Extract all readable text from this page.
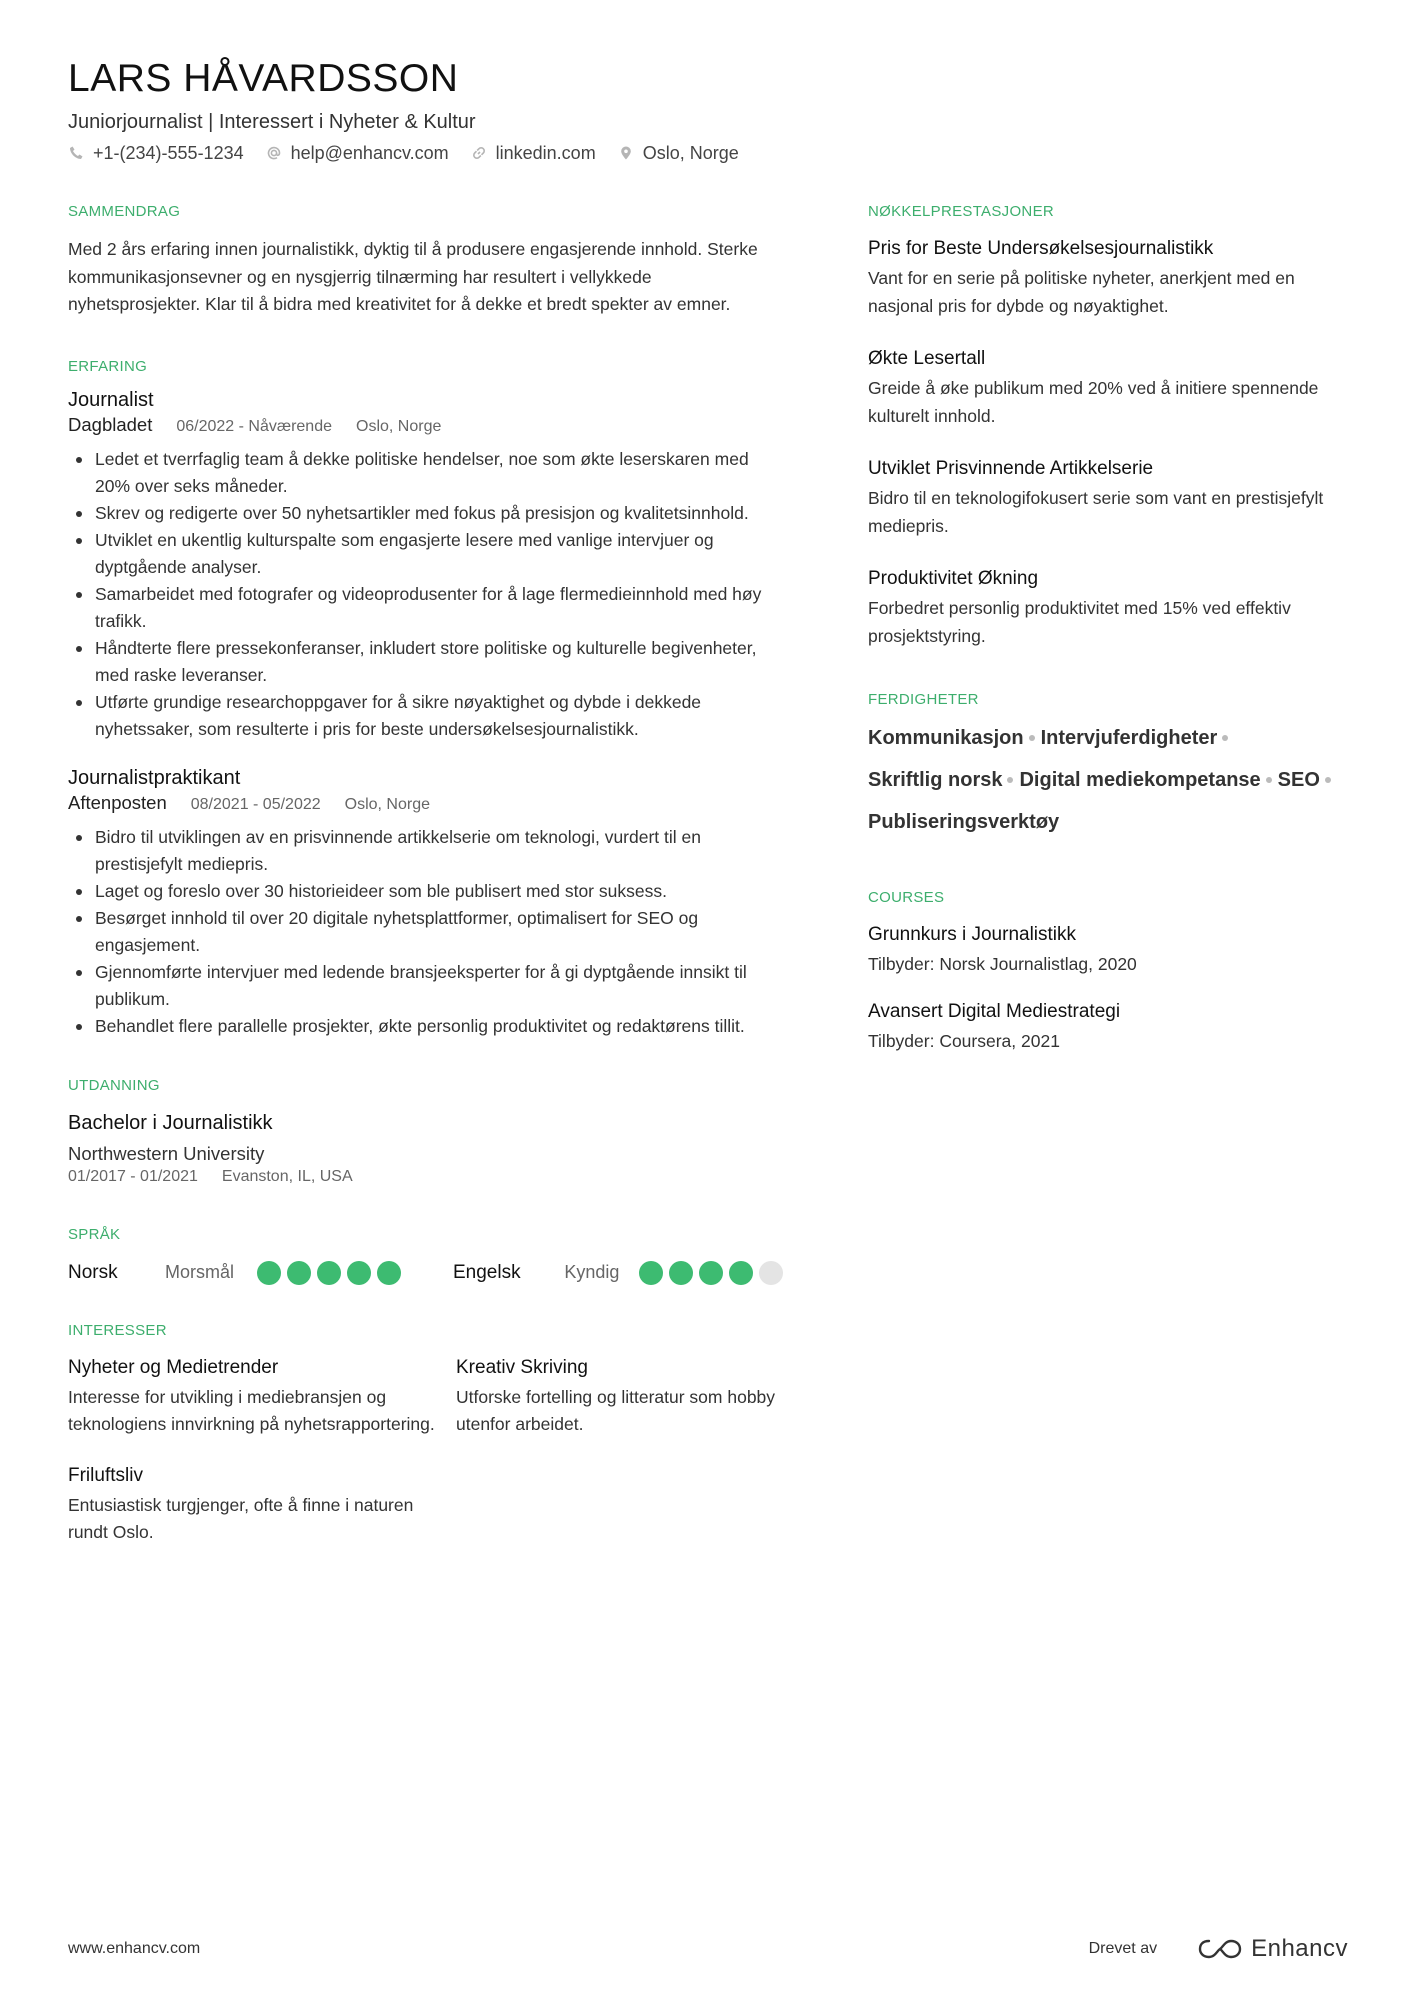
LARS HÅVARDSSON
Juniorjournalist | Interessert i Nyheter & Kultur
+1-(234)-555-1234	help@enhancv.com	linkedin.com	Oslo, Norge
SAMMENDRAG

Med 2 års erfaring innen journalistikk, dyktig til å produsere engasjerende innhold. Sterke kommunikasjonsevner og en nysgjerrig tilnærming har resultert i vellykkede nyhetsprosjekter. Klar til å bidra med kreativitet for å dekke et bredt spekter av emner.

ERFARING
Journalist
Dagbladet 06/2022 - Nåværende Oslo, Norge
Ledet et tverrfaglig team å dekke politiske hendelser, noe som økte leserskaren med 20% over seks måneder.
Skrev og redigerte over 50 nyhetsartikler med fokus på presisjon og kvalitetsinnhold.
Utviklet en ukentlig kulturspalte som engasjerte lesere med vanlige intervjuer og dyptgående analyser.
Samarbeidet med fotografer og videoprodusenter for å lage flermedieinnhold med høy trafikk.
Håndterte flere pressekonferanser, inkludert store politiske og kulturelle begivenheter, med raske leveranser.
Utførte grundige researchoppgaver for å sikre nøyaktighet og dybde i dekkede nyhetssaker, som resulterte i pris for beste undersøkelsesjournalistikk.
Journalistpraktikant
Aftenposten 08/2021 - 05/2022 Oslo, Norge
Bidro til utviklingen av en prisvinnende artikkelserie om teknologi, vurdert til en prestisjefylt mediepris.
Laget og foreslo over 30 historieideer som ble publisert med stor suksess.
Besørget innhold til over 20 digitale nyhetsplattformer, optimalisert for SEO og engasjement.
Gjennomførte intervjuer med ledende bransjeeksperter for å gi dyptgående innsikt til publikum.
Behandlet flere parallelle prosjekter, økte personlig produktivitet og redaktørens tillit.
UTDANNING
Bachelor i Journalistikk
Northwestern University
01/2017 - 01/2021 Evanston, IL, USA
SPRÅK
Norsk	Morsmål	Engelsk	Kyndig
INTERESSER
Nyheter og Medietrender
Interesse for utvikling i mediebransjen og teknologiens innvirkning på nyhetsrapportering.
Kreativ Skriving
Utforske fortelling og litteratur som hobby utenfor arbeidet.
Friluftsliv
Entusiastisk turgjenger, ofte å finne i naturen rundt Oslo.
NØKKELPRESTASJONER
Pris for Beste Undersøkelsesjournalistikk
Vant for en serie på politiske nyheter, anerkjent med en nasjonal pris for dybde og nøyaktighet.
Økte Lesertall
Greide å øke publikum med 20% ved å initiere spennende kulturelt innhold.
Utviklet Prisvinnende Artikkelserie
Bidro til en teknologifokusert serie som vant en prestisjefylt mediepris.
Produktivitet Økning
Forbedret personlig produktivitet med 15% ved effektiv prosjektstyring.
FERDIGHETER
Kommunikasjon Intervjuferdigheter
Skriftlig norsk Digital mediekompetanse SEO
Publiseringsverktøy
COURSES
Grunnkurs i Journalistikk
Tilbyder: Norsk Journalistlag, 2020
Avansert Digital Mediestrategi
Tilbyder: Coursera, 2021
www.enhancv.com	Drevet av	Enhancv
